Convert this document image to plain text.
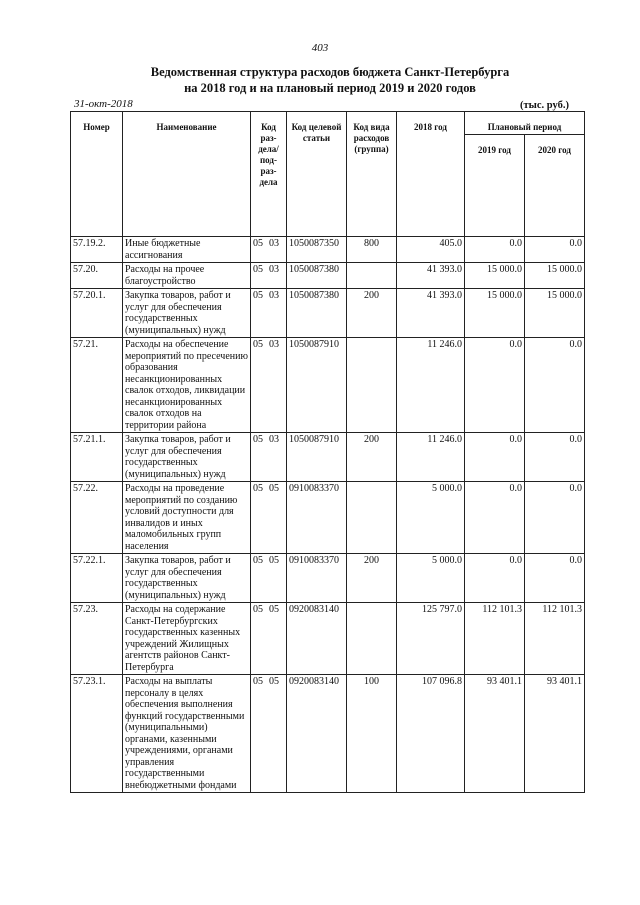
403
Ведомственная структура расходов бюджета Санкт-Петербурга
на 2018 год и на плановый период 2019 и 2020 годов
31-окт-2018	(тыс. руб.)
Номер	Наименование	Код раз-дела/ под-раз-дела	Код целевой статьи	Код вида расходов (группа)	2018 год	Плановый период	
						2019 год	2020 год
57.19.2.	Иные бюджетные ассигнования	05 03	1050087350	800	405.0	0.0	0.0
57.20.	Расходы на прочее благоустройство	05 03	1050087380		41 393.0	15 000.0	15 000.0
57.20.1.	Закупка товаров, работ и услуг для обеспечения государственных (муниципальных) нужд	05 03	1050087380	200	41 393.0	15 000.0	15 000.0
57.21.	Расходы на обеспечение мероприятий по пресечению образования несанкционированных свалок отходов, ликвидации несанкционированных свалок отходов на территории района	05 03	1050087910		11 246.0	0.0	0.0
57.21.1.	Закупка товаров, работ и услуг для обеспечения государственных (муниципальных) нужд	05 03	1050087910	200	11 246.0	0.0	0.0
57.22.	Расходы на проведение мероприятий по созданию условий доступности для инвалидов и иных маломобильных групп населения	05 05	0910083370		5 000.0	0.0	0.0
57.22.1.	Закупка товаров, работ и услуг для обеспечения государственных (муниципальных) нужд	05 05	0910083370	200	5 000.0	0.0	0.0
57.23.	Расходы на содержание Санкт-Петербургских государственных казенных учреждений Жилищных агентств районов Санкт-Петербурга	05 05	0920083140		125 797.0	112 101.3	112 101.3
57.23.1.	Расходы на выплаты персоналу в целях обеспечения выполнения функций государственными (муниципальными) органами, казенными учреждениями, органами управления государственными внебюджетными фондами	05 05	0920083140	100	107 096.8	93 401.1	93 401.1
